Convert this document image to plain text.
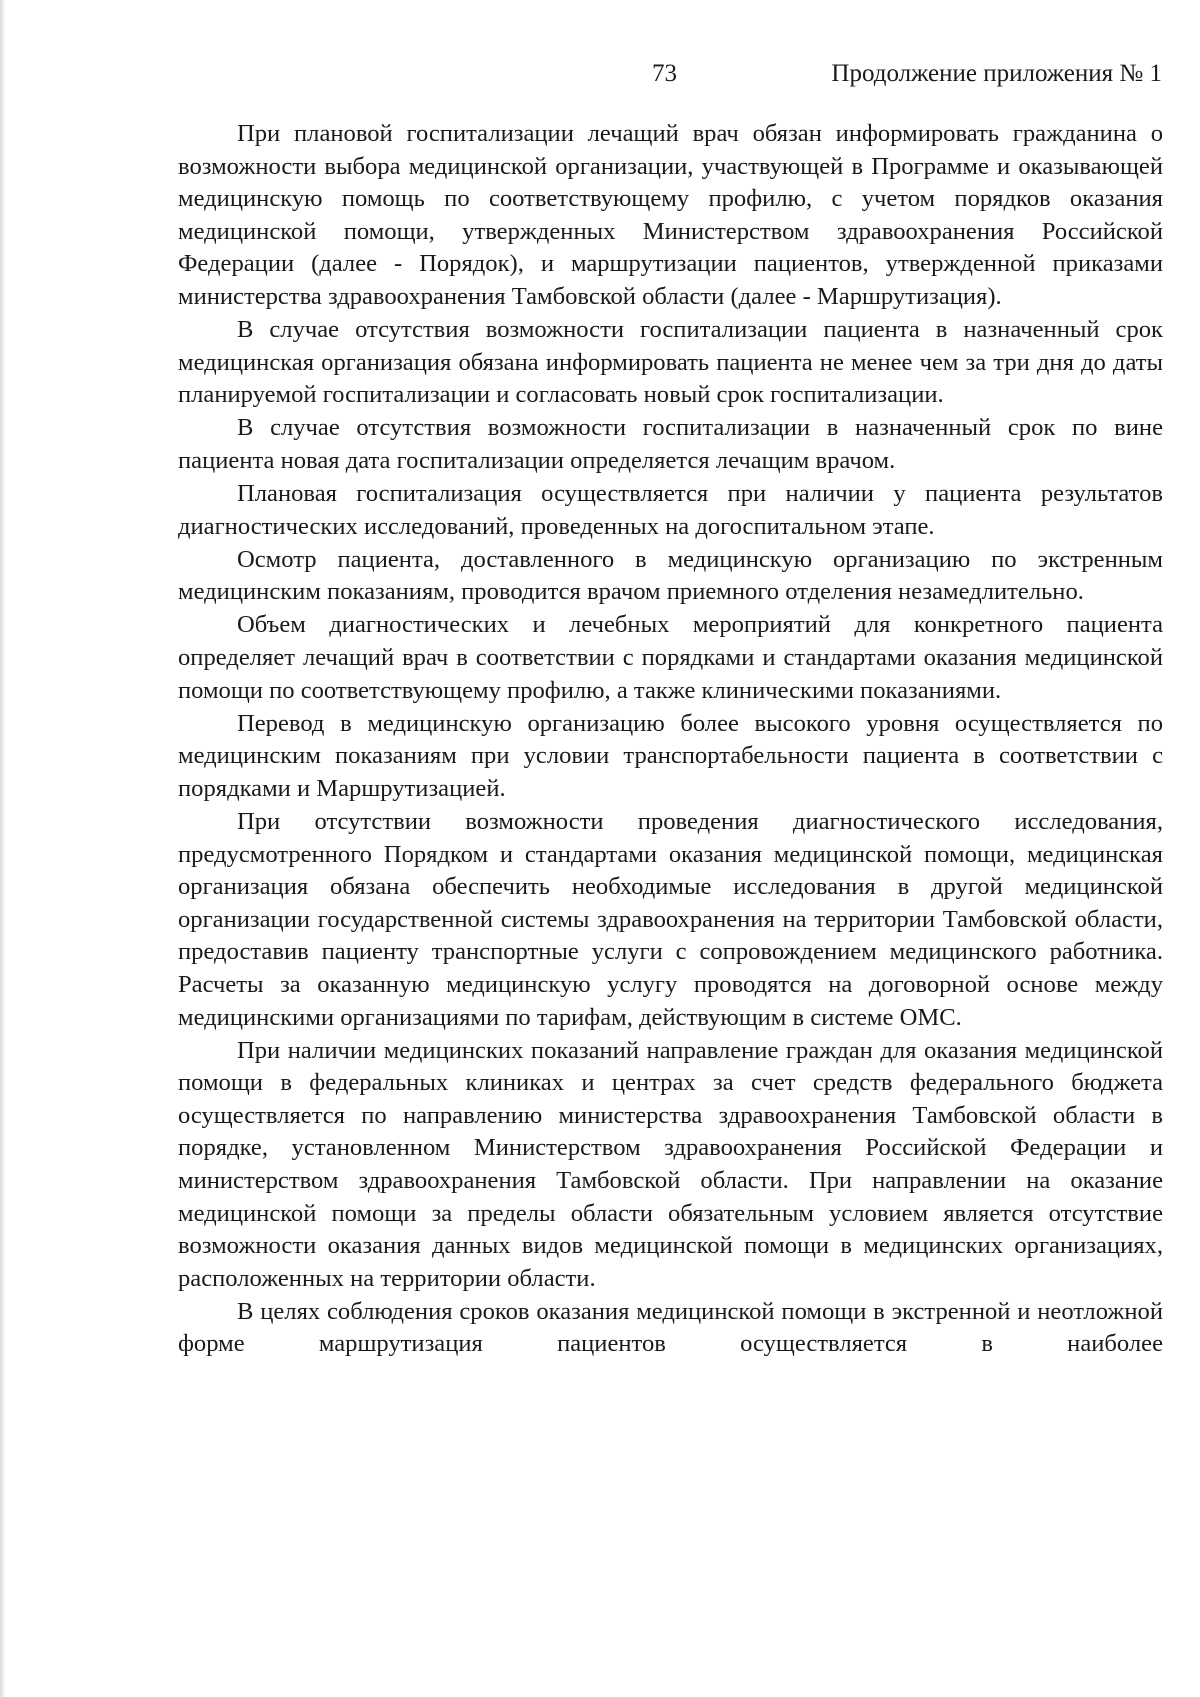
73	Продолжение приложения № 1

При плановой госпитализации лечащий врач обязан информировать гражданина о возможности выбора медицинской организации, участвующей в Программе и оказывающей медицинскую помощь по соответствующему профилю, с учетом порядков оказания медицинской помощи, утвержденных Министерством здравоохранения Российской Федерации (далее - Порядок), и маршрутизации пациентов, утвержденной приказами министерства здравоохранения Тамбовской области (далее - Маршрутизация).

В случае отсутствия возможности госпитализации пациента в назначенный срок медицинская организация обязана информировать пациента не менее чем за три дня до даты планируемой госпитализации и согласовать новый срок госпитализации.

В случае отсутствия возможности госпитализации в назначенный срок по вине пациента новая дата госпитализации определяется лечащим врачом.

Плановая госпитализация осуществляется при наличии у пациента результатов диагностических исследований, проведенных на догоспитальном этапе.

Осмотр пациента, доставленного в медицинскую организацию по экстренным медицинским показаниям, проводится врачом приемного отделения незамедлительно.

Объем диагностических и лечебных мероприятий для конкретного пациента определяет лечащий врач в соответствии с порядками и стандартами оказания медицинской помощи по соответствующему профилю, а также клиническими показаниями.

Перевод в медицинскую организацию более высокого уровня осуществляется по медицинским показаниям при условии транспортабельности пациента в соответствии с порядками и Маршрутизацией.

При отсутствии возможности проведения диагностического исследования, предусмотренного Порядком и стандартами оказания медицинской помощи, медицинская организация обязана обеспечить необходимые исследования в другой медицинской организации государственной системы здравоохранения на территории Тамбовской области, предоставив пациенту транспортные услуги с сопровождением медицинского работника. Расчеты за оказанную медицинскую услугу проводятся на договорной основе между медицинскими организациями по тарифам, действующим в системе ОМС.

При наличии медицинских показаний направление граждан для оказания медицинской помощи в федеральных клиниках и центрах за счет средств федерального бюджета осуществляется по направлению министерства здравоохранения Тамбовской области в порядке, установленном Министерством здравоохранения Российской Федерации и министерством здравоохранения Тамбовской области. При направлении на оказание медицинской помощи за пределы области обязательным условием является отсутствие возможности оказания данных видов медицинской помощи в медицинских организациях, расположенных на территории области.

В целях соблюдения сроков оказания медицинской помощи в экстренной и неотложной форме маршрутизация пациентов осуществляется в наиболее
